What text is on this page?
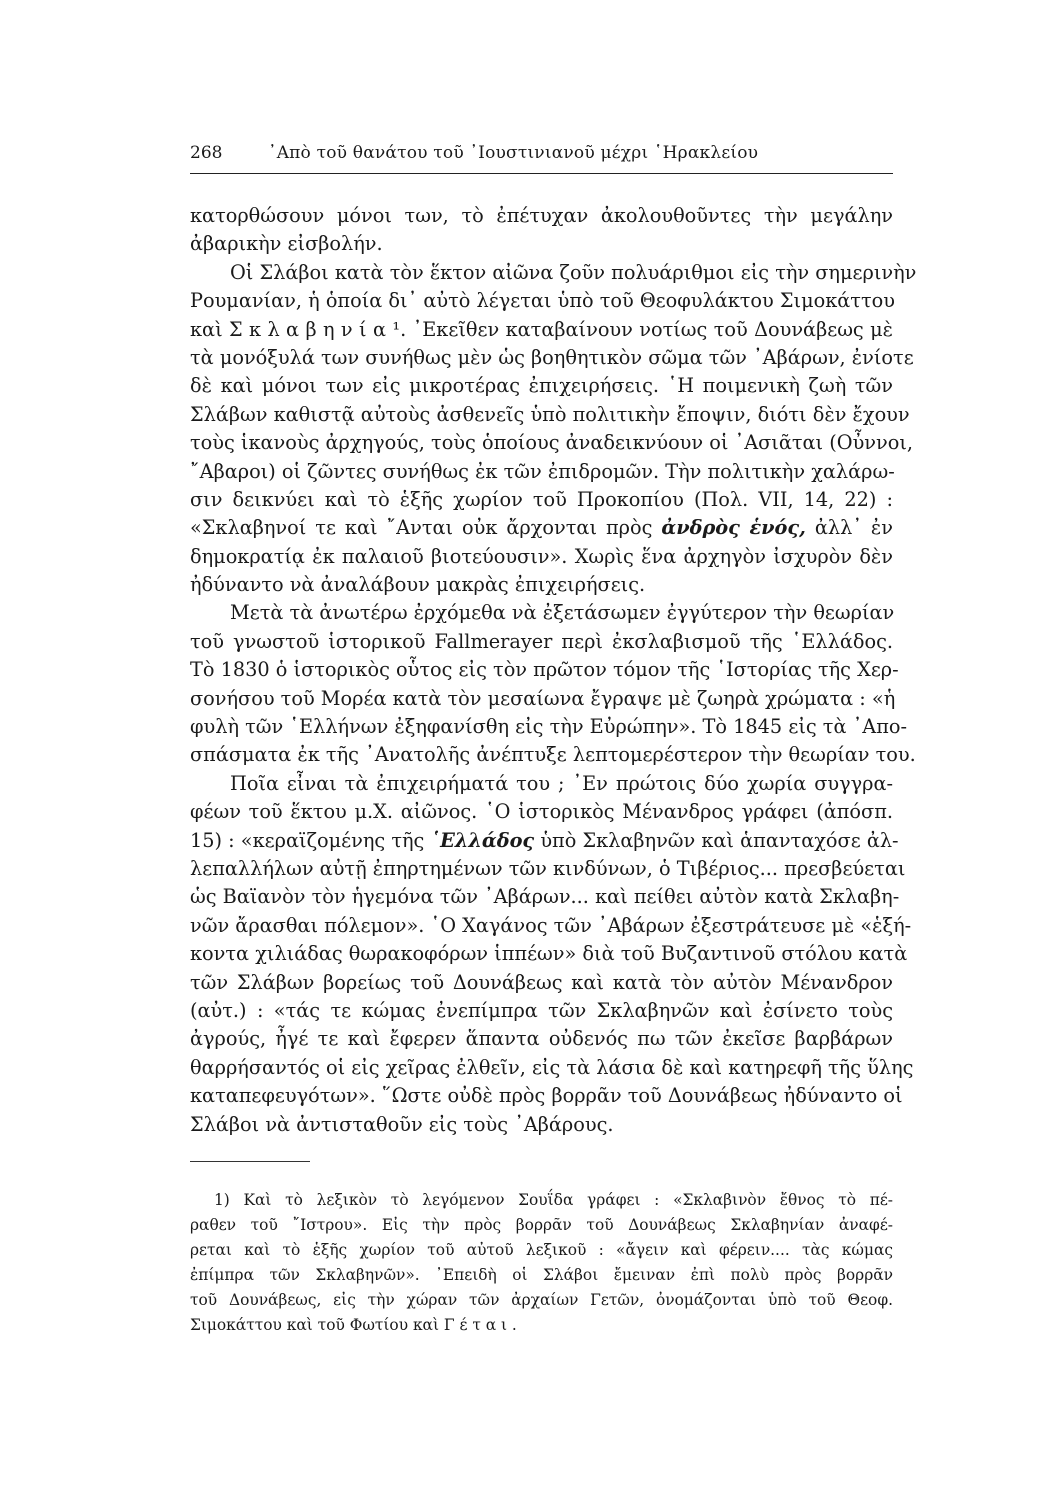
268	᾿Απὸ τοῦ θανάτου τοῦ ᾿Ιουστινιανοῦ μέχρι ῾Ηρακλείου
κατορθώσουν μόνοι των, τὸ ἐπέτυχαν ἀκολουθοῦντες τὴν μεγάλην
ἀβαρικὴν εἰσβολήν.
Οἱ Σλάβοι κατὰ τὸν ἕκτον αἰῶνα ζοῦν πολυάριθμοι εἰς τὴν σημερινὴν
Ρουμανίαν, ἡ ὁποία δι᾿ αὐτὸ λέγεται ὑπὸ τοῦ Θεοφυλάκτου Σιμοκάττου
καὶ Σ κ λ α β η ν ί α ¹. ᾿Εκεῖθεν καταβαίνουν νοτίως τοῦ Δουνάβεως μὲ
τὰ μονόξυλά των συνήθως μὲν ὡς βοηθητικὸν σῶμα τῶν ᾿Αβάρων, ἐνίοτε
δὲ καὶ μόνοι των εἰς μικροτέρας ἐπιχειρήσεις. ῾Η ποιμενικὴ ζωὴ τῶν
Σλάβων καθιστᾷ αὐτοὺς ἀσθενεῖς ὑπὸ πολιτικὴν ἔποψιν, διότι δὲν ἔχουν
τοὺς ἱκανοὺς ἀρχηγούς, τοὺς ὁποίους ἀναδεικνύουν οἱ ᾿Ασιᾶται (Οὖννοι,
῎Αβαροι) οἱ ζῶντες συνήθως ἐκ τῶν ἐπιδρομῶν. Τὴν πολιτικὴν χαλάρω-
σιν δεικνύει καὶ τὸ ἑξῆς χωρίον τοῦ Προκοπίου (Πολ. VII, 14, 22) :
«Σκλαβηνοί τε καὶ ῎Ανται οὐκ ἄρχονται πρὸς ἀνδρὸς ἑνός, ἀλλ᾿ ἐν
δημοκρατίᾳ ἐκ παλαιοῦ βιοτεύουσιν». Χωρὶς ἕνα ἀρχηγὸν ἰσχυρὸν δὲν
ἠδύναντο νὰ ἀναλάβουν μακρὰς ἐπιχειρήσεις.
Μετὰ τὰ ἀνωτέρω ἐρχόμεθα νὰ ἐξετάσωμεν ἐγγύτερον τὴν θεωρίαν
τοῦ γνωστοῦ ἱστορικοῦ Fallmerayer περὶ ἐκσλαβισμοῦ τῆς ῾Ελλάδος.
Τὸ 1830 ὁ ἱστορικὸς οὗτος εἰς τὸν πρῶτον τόμον τῆς ῾Ιστορίας τῆς Χερ-
σονήσου τοῦ Μορέα κατὰ τὸν μεσαίωνα ἔγραψε μὲ ζωηρὰ χρώματα : «ἡ
φυλὴ τῶν ῾Ελλήνων ἐξηφανίσθη εἰς τὴν Εὐρώπην». Τὸ 1845 εἰς τὰ ᾿Απο-
σπάσματα ἐκ τῆς ᾿Ανατολῆς ἀνέπτυξε λεπτομερέστερον τὴν θεωρίαν του.
Ποῖα εἶναι τὰ ἐπιχειρήματά του ; ᾿Εν πρώτοις δύο χωρία συγγρα-
φέων τοῦ ἕκτου μ.Χ. αἰῶνος. ῾Ο ἱστορικὸς Μένανδρος γράφει (ἀπόσπ.
15) : «κεραϊζομένης τῆς ῾Ελλάδος ὑπὸ Σκλαβηνῶν καὶ ἁπανταχόσε ἀλ-
λεπαλλήλων αὐτῇ ἐπηρτημένων τῶν κινδύνων, ὁ Τιβέριος... πρεσβεύεται
ὡς Βαϊανὸν τὸν ἡγεμόνα τῶν ᾿Αβάρων... καὶ πείθει αὐτὸν κατὰ Σκλαβη-
νῶν ἄρασθαι πόλεμον». ῾Ο Χαγάνος τῶν ᾿Αβάρων ἐξεστράτευσε μὲ «ἑξή-
κοντα χιλιάδας θωρακοφόρων ἱππέων» διὰ τοῦ Βυζαντινοῦ στόλου κατὰ
τῶν Σλάβων βορείως τοῦ Δουνάβεως καὶ κατὰ τὸν αὐτὸν Μένανδρον
(αὐτ.) : «τάς τε κώμας ἐνεπίμπρα τῶν Σκλαβηνῶν καὶ ἐσίνετο τοὺς
ἀγρούς, ἦγέ τε καὶ ἔφερεν ἅπαντα οὐδενός πω τῶν ἐκεῖσε βαρβάρων
θαρρήσαντός οἱ εἰς χεῖρας ἐλθεῖν, εἰς τὰ λάσια δὲ καὶ κατηρεφῆ τῆς ὕλης
καταπεφευγότων». ῞Ωστε οὐδὲ πρὸς βορρᾶν τοῦ Δουνάβεως ἠδύναντο οἱ
Σλάβοι νὰ ἀντισταθοῦν εἰς τοὺς ᾿Αβάρους.
1) Καὶ τὸ λεξικὸν τὸ λεγόμενον Σουΐδα γράφει : «Σκλαβινὸν ἔθνος τὸ πέ-
ραθεν τοῦ ῎Ιστρου». Εἰς τὴν πρὸς βορρᾶν τοῦ Δουνάβεως Σκλαβηνίαν ἀναφέ-
ρεται καὶ τὸ ἑξῆς χωρίον τοῦ αὐτοῦ λεξικοῦ : «ἄγειν καὶ φέρειν.... τὰς κώμας
ἐπίμπρα τῶν Σκλαβηνῶν». ᾿Επειδὴ οἱ Σλάβοι ἔμειναν ἐπὶ πολὺ πρὸς βορρᾶν
τοῦ Δουνάβεως, εἰς τὴν χώραν τῶν ἀρχαίων Γετῶν, ὀνομάζονται ὑπὸ τοῦ Θεοφ.
Σιμοκάττου καὶ τοῦ Φωτίου καὶ Γ έ τ α ι .
